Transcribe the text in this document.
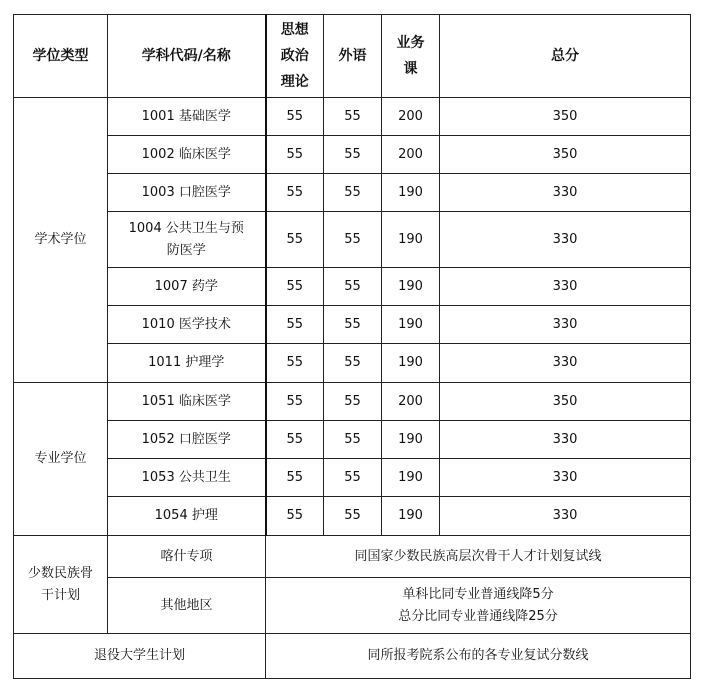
学位类型	学科代码/名称	思想
政治
理论	外语	业务
课	总分
学术学位	1001 基础医学	55	55	200	350
	1002 临床医学	55	55	200	350
	1003 口腔医学	55	55	190	330

	1004 公共卫生与预
防医学	55	55	190	330
	1007 药学	55	55	190	330
	1010 医学技术	55	55	190	330
	1011 护理学	55	55	190	330
专业学位	1051 临床医学	55	55	200	350
	1052 口腔医学	55	55	190	330
	1053 公共卫生	55	55	190	330
	1054 护理	55	55	190	330

少数民族骨
干计划	喀什专项	同国家少数民族高层次骨干人才计划复试线			

	其他地区	单科比同专业普通线降5分
总分比同专业普通线降25分			

退役大学生计划		同所报考院系公布的各专业复试分数线			
